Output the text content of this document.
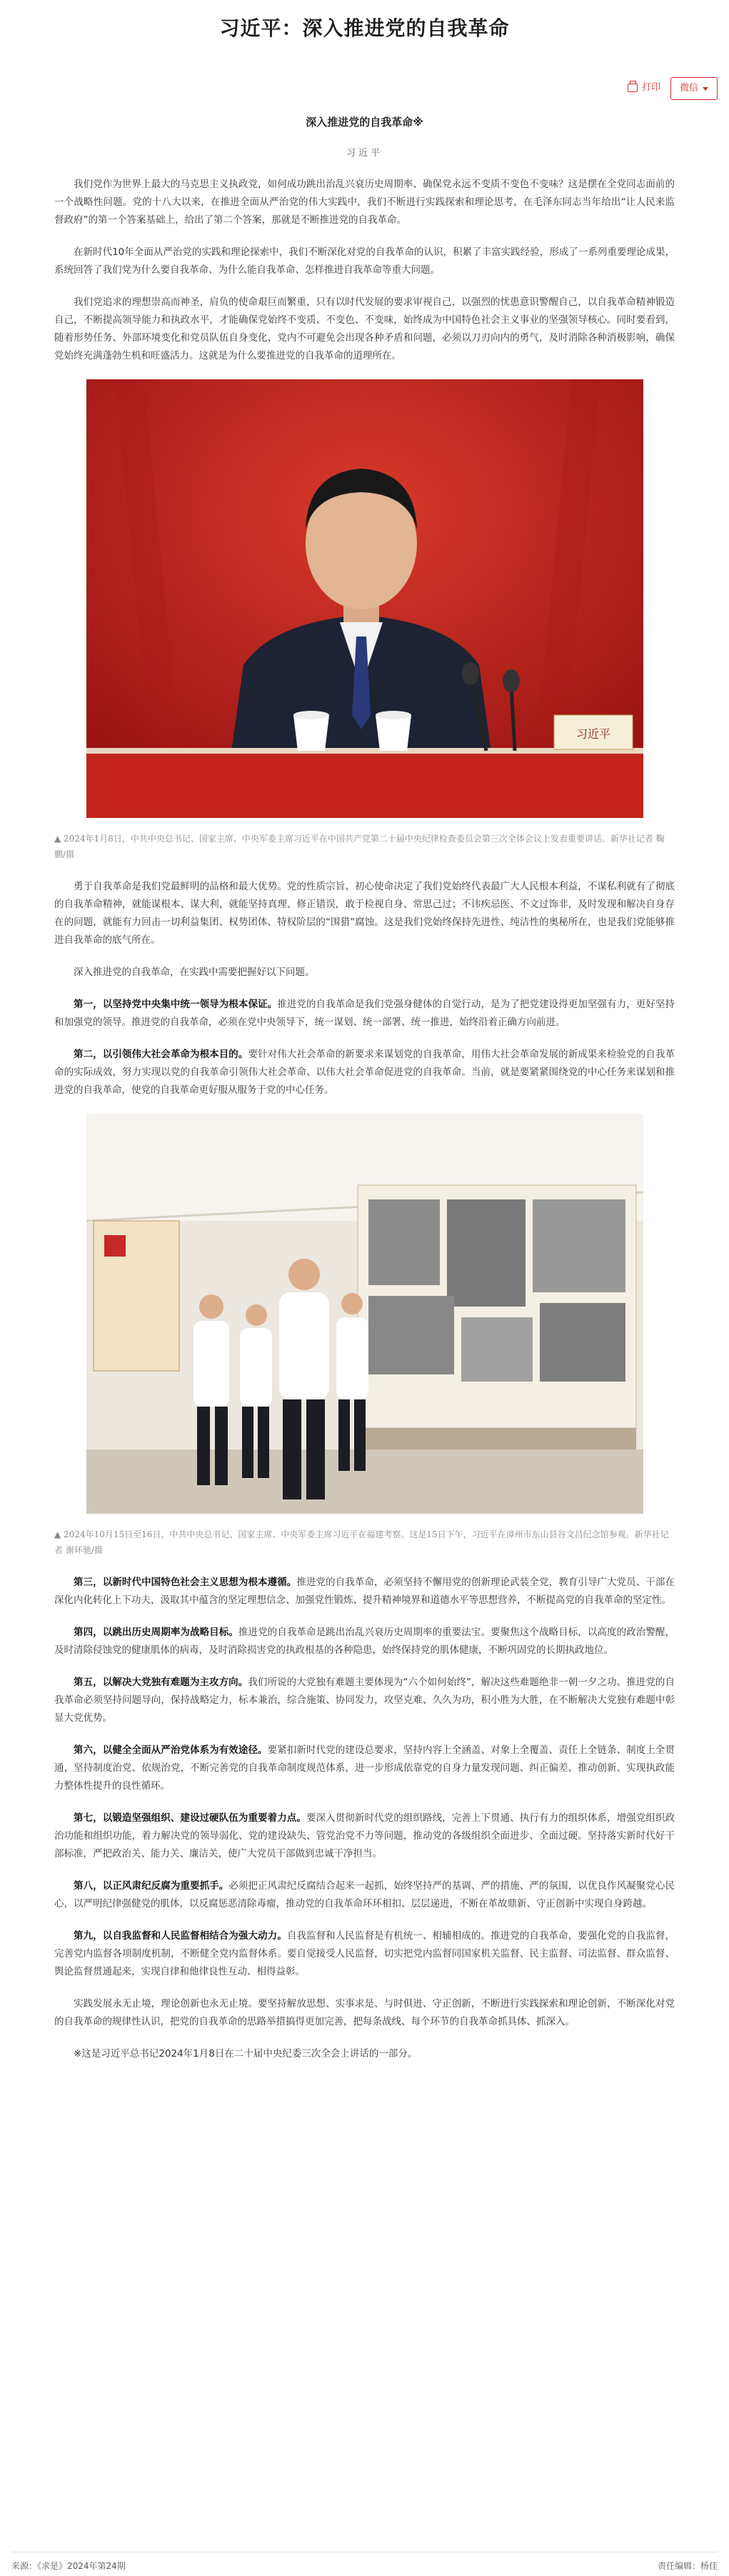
习近平：深入推进党的自我革命
打印 微信
深入推进党的自我革命※
习近平

我们党作为世界上最大的马克思主义执政党，如何成功跳出治乱兴衰历史周期率、确保党永远不变质不变色不变味？这是摆在全党同志面前的一个战略性问题。党的十八大以来，在推进全面从严治党的伟大实践中，我们不断进行实践探索和理论思考，在毛泽东同志当年给出“让人民来监督政府”的第一个答案基础上，给出了第二个答案，那就是不断推进党的自我革命。

在新时代10年全面从严治党的实践和理论探索中，我们不断深化对党的自我革命的认识，积累了丰富实践经验，形成了一系列重要理论成果，系统回答了我们党为什么要自我革命、为什么能自我革命、怎样推进自我革命等重大问题。

我们党追求的理想崇高而神圣，肩负的使命艰巨而繁重，只有以时代发展的要求审视自己，以强烈的忧患意识警醒自己，以自我革命精神锻造自己，不断提高领导能力和执政水平，才能确保党始终不变质、不变色、不变味，始终成为中国特色社会主义事业的坚强领导核心。同时要看到，随着形势任务、外部环境变化和党员队伍自身变化，党内不可避免会出现各种矛盾和问题，必须以刀刃向内的勇气，及时消除各种消极影响，确保党始终充满蓬勃生机和旺盛活力。这就是为什么要推进党的自我革命的道理所在。

习近平
▲ 2024年1月8日，中共中央总书记、国家主席、中央军委主席习近平在中国共产党第二十届中央纪律检查委员会第三次全体会议上发表重要讲话。新华社记者 鞠鹏/摄

勇于自我革命是我们党最鲜明的品格和最大优势。党的性质宗旨、初心使命决定了我们党始终代表最广大人民根本利益，不谋私利就有了彻底的自我革命精神，就能谋根本、谋大利，就能坚持真理、修正错误，敢于检视自身、常思己过；不讳疾忌医、不文过饰非，及时发现和解决自身存在的问题，就能有力回击一切利益集团、权势团体、特权阶层的“围猎”腐蚀。这是我们党始终保持先进性、纯洁性的奥秘所在，也是我们党能够推进自我革命的底气所在。

深入推进党的自我革命，在实践中需要把握好以下问题。

第一，以坚持党中央集中统一领导为根本保证。推进党的自我革命是我们党强身健体的自觉行动，是为了把党建设得更加坚强有力，更好坚持和加强党的领导。推进党的自我革命，必须在党中央领导下，统一谋划、统一部署、统一推进，始终沿着正确方向前进。

第二，以引领伟大社会革命为根本目的。要针对伟大社会革命的新要求来谋划党的自我革命，用伟大社会革命发展的新成果来检验党的自我革命的实际成效，努力实现以党的自我革命引领伟大社会革命、以伟大社会革命促进党的自我革命。当前，就是要紧紧围绕党的中心任务来谋划和推进党的自我革命，使党的自我革命更好服从服务于党的中心任务。

▲ 2024年10月15日至16日，中共中央总书记、国家主席、中央军委主席习近平在福建考察。这是15日下午，习近平在漳州市东山县谷文昌纪念馆参观。新华社记者 谢环驰/摄

第三，以新时代中国特色社会主义思想为根本遵循。推进党的自我革命，必须坚持不懈用党的创新理论武装全党，教育引导广大党员、干部在深化内化转化上下功夫，汲取其中蕴含的坚定理想信念、加强党性锻炼、提升精神境界和道德水平等思想营养，不断提高党的自我革命的坚定性。

第四，以跳出历史周期率为战略目标。推进党的自我革命是跳出治乱兴衰历史周期率的重要法宝。要聚焦这个战略目标，以高度的政治警醒，及时清除侵蚀党的健康肌体的病毒，及时消除损害党的执政根基的各种隐患，始终保持党的肌体健康，不断巩固党的长期执政地位。

第五，以解决大党独有难题为主攻方向。我们所说的大党独有难题主要体现为“六个如何始终”，解决这些难题绝非一朝一夕之功。推进党的自我革命必须坚持问题导向，保持战略定力，标本兼治，综合施策、协同发力，攻坚克难、久久为功，积小胜为大胜，在不断解决大党独有难题中彰显大党优势。

第六，以健全全面从严治党体系为有效途径。要紧扣新时代党的建设总要求，坚持内容上全涵盖、对象上全覆盖、责任上全链条、制度上全贯通，坚持制度治党、依规治党，不断完善党的自我革命制度规范体系，进一步形成依靠党的自身力量发现问题、纠正偏差、推动创新、实现执政能力整体性提升的良性循环。

第七，以锻造坚强组织、建设过硬队伍为重要着力点。要深入贯彻新时代党的组织路线，完善上下贯通、执行有力的组织体系，增强党组织政治功能和组织功能，着力解决党的领导弱化、党的建设缺失、管党治党不力等问题，推动党的各级组织全面进步、全面过硬。坚持落实新时代好干部标准，严把政治关、能力关、廉洁关，使广大党员干部做到忠诚干净担当。

第八，以正风肃纪反腐为重要抓手。必须把正风肃纪反腐结合起来一起抓，始终坚持严的基调、严的措施、严的氛围，以优良作风凝聚党心民心，以严明纪律强健党的肌体，以反腐惩恶清除毒瘤，推动党的自我革命环环相扣、层层递进，不断在革故鼎新、守正创新中实现自身跨越。

第九，以自我监督和人民监督相结合为强大动力。自我监督和人民监督是有机统一、相辅相成的。推进党的自我革命，要强化党的自我监督，完善党内监督各项制度机制，不断健全党内监督体系。要自觉接受人民监督，切实把党内监督同国家机关监督、民主监督、司法监督、群众监督、舆论监督贯通起来，实现自律和他律良性互动、相得益彰。

实践发展永无止境，理论创新也永无止境。要坚持解放思想、实事求是、与时俱进、守正创新，不断进行实践探索和理论创新，不断深化对党的自我革命的规律性认识，把党的自我革命的思路举措搞得更加完善，把每条战线、每个环节的自我革命抓具体、抓深入。

※这是习近平总书记2024年1月8日在二十届中央纪委三次全会上讲话的一部分。

来源：《求是》2024年第24期	责任编辑：杨佳
